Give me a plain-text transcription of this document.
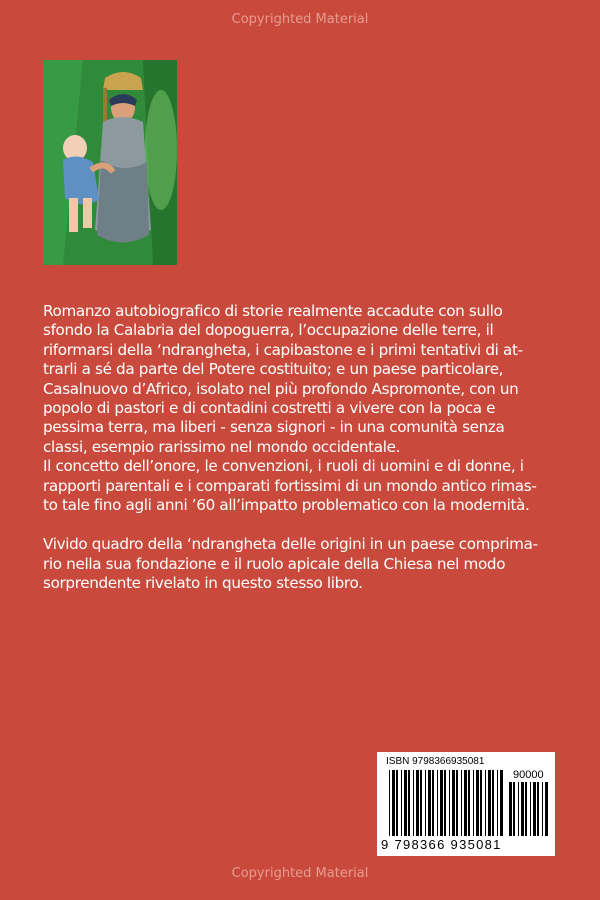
Copyrighted Material

Romanzo autobiografico di storie realmente accadute con sullo

sfondo la Calabria del dopoguerra, l’occupazione delle terre, il

riformarsi della ‘ndrangheta, i capibastone e i primi tentativi di at-

trarli a sé da parte del Potere costituito; e un paese particolare,

Casalnuovo d’Africo, isolato nel più profondo Aspromonte, con un

popolo di pastori e di contadini costretti a vivere con la poca e

pessima terra, ma liberi - senza signori - in una comunità senza

classi, esempio rarissimo nel mondo occidentale.

Il concetto dell’onore, le convenzioni, i ruoli di uomini e di donne, i

rapporti parentali e i comparati fortissimi di un mondo antico rimas-

to tale fino agli anni ’60 all’impatto problematico con la modernità.

Vivido quadro della ‘ndrangheta delle origini in un paese comprima-

rio nella sua fondazione e il ruolo apicale della Chiesa nel modo

sorprendente rivelato in questo stesso libro.

ISBN 9798366935081
90000
9 798366 935081
Copyrighted Material
